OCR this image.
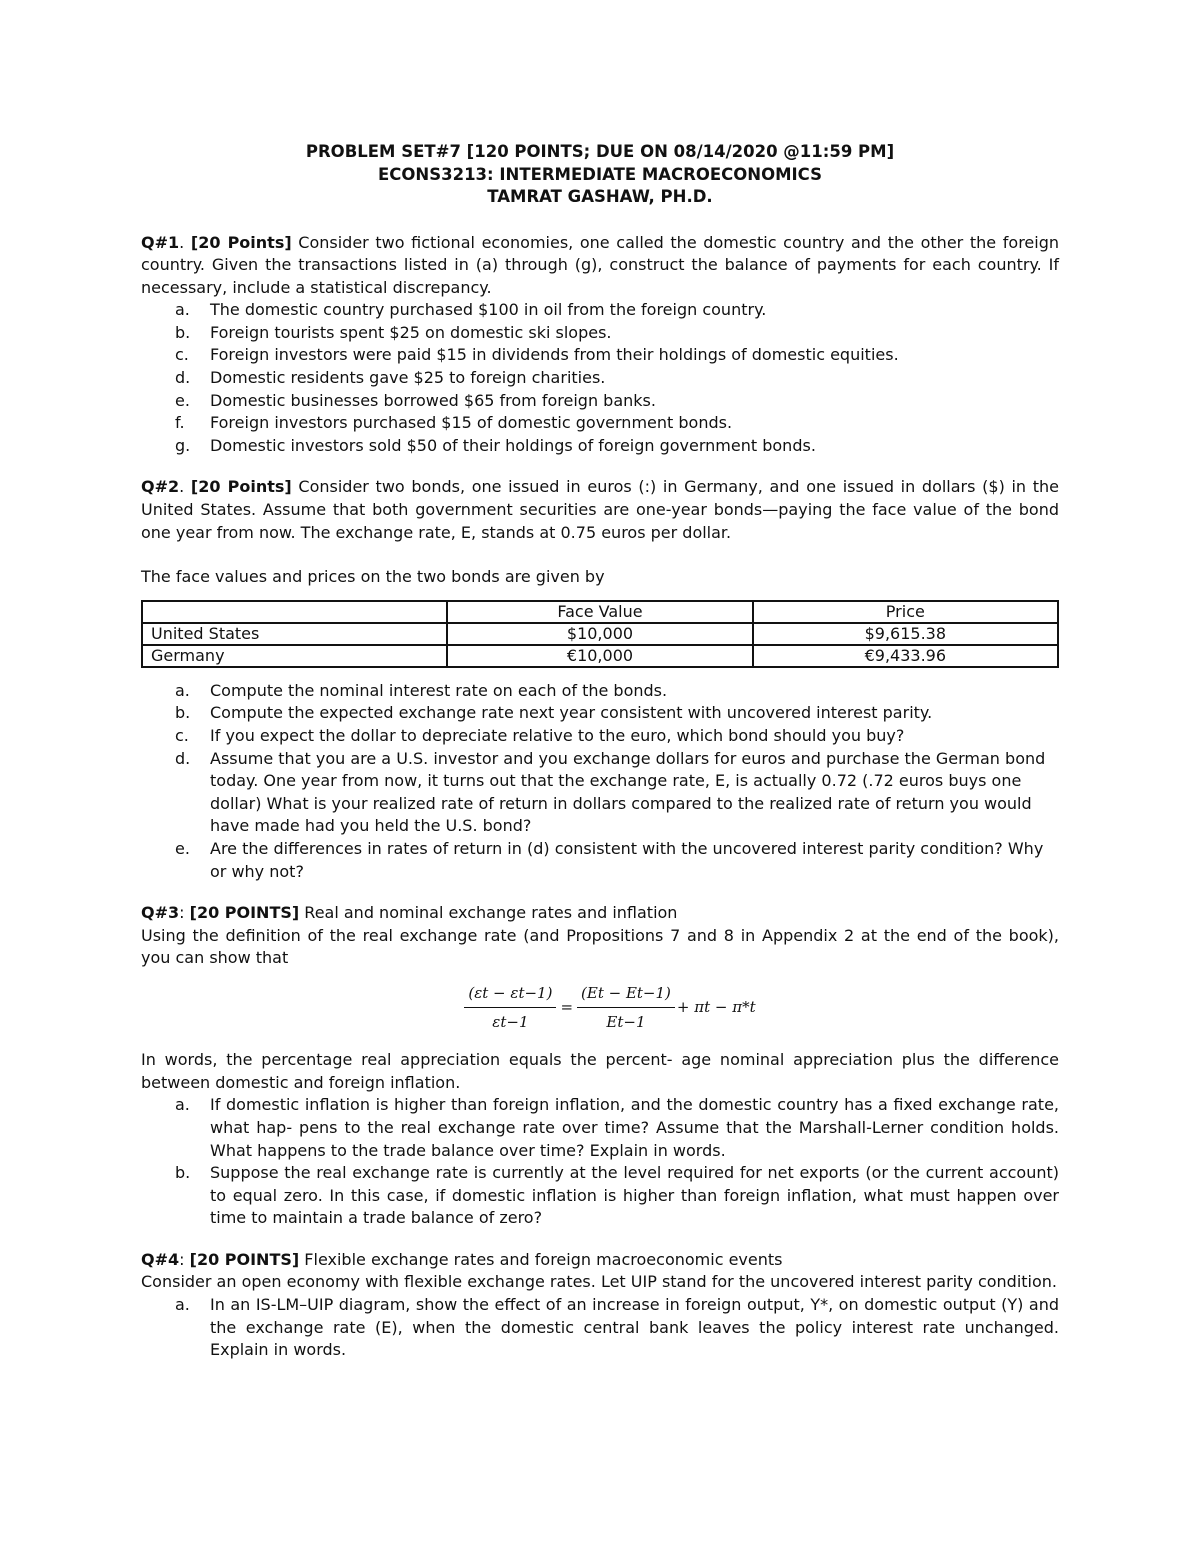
PROBLEM SET#7 [120 POINTS; DUE ON 08/14/2020 @11:59 PM]
ECONS3213: INTERMEDIATE MACROECONOMICS
TAMRAT GASHAW, PH.D.
Q#1. [20 Points] Consider two fictional economies, one called the domestic country and the other the foreign country. Given the transactions listed in (a) through (g), construct the balance of payments for each country. If necessary, include a statistical discrepancy.
a.	The domestic country purchased $100 in oil from the foreign country.
b.	Foreign tourists spent $25 on domestic ski slopes.
c.	Foreign investors were paid $15 in dividends from their holdings of domestic equities.
d.	Domestic residents gave $25 to foreign charities.
e.	Domestic businesses borrowed $65 from foreign banks.
f.	Foreign investors purchased $15 of domestic government bonds.
g.	Domestic investors sold $50 of their holdings of foreign government bonds.
Q#2. [20 Points] Consider two bonds, one issued in euros (:) in Germany, and one issued in dollars ($) in the United States. Assume that both government securities are one-year bonds—paying the face value of the bond one year from now. The exchange rate, E, stands at 0.75 euros per dollar.
The face values and prices on the two bonds are given by
	Face Value	Price
United States	$10,000	$9,615.38
Germany	€10,000	€9,433.96
a.	Compute the nominal interest rate on each of the bonds.
b.	Compute the expected exchange rate next year consistent with uncovered interest parity.
c.	If you expect the dollar to depreciate relative to the euro, which bond should you buy?
d.	Assume that you are a U.S. investor and you exchange dollars for euros and purchase the German bond today. One year from now, it turns out that the exchange rate, E, is actually 0.72 (.72 euros buys one dollar) What is your realized rate of return in dollars compared to the realized rate of return you would have made had you held the U.S. bond?
e.	Are the differences in rates of return in (d) consistent with the uncovered interest parity condition? Why or why not?
Q#3: [20 POINTS] Real and nominal exchange rates and inflation
Using the definition of the real exchange rate (and Propositions 7 and 8 in Appendix 2 at the end of the book), you can show that
$\frac{(\varepsilon t - \varepsilon t-1)}{\varepsilon t-1} = \frac{(Et - Et-1)}{Et-1} + \pi t - \pi*t$
In words, the percentage real appreciation equals the percent- age nominal appreciation plus the difference between domestic and foreign inflation.
a.	If domestic inflation is higher than foreign inflation, and the domestic country has a fixed exchange rate, what hap- pens to the real exchange rate over time? Assume that the Marshall-Lerner condition holds. What happens to the trade balance over time? Explain in words.
b.	Suppose the real exchange rate is currently at the level required for net exports (or the current account) to equal zero. In this case, if domestic inflation is higher than foreign inflation, what must happen over time to maintain a trade balance of zero?
Q#4: [20 POINTS] Flexible exchange rates and foreign macroeconomic events
Consider an open economy with flexible exchange rates. Let UIP stand for the uncovered interest parity condition.
a.	In an IS-LM–UIP diagram, show the effect of an increase in foreign output, Y*, on domestic output (Y) and the exchange rate (E), when the domestic central bank leaves the policy interest rate unchanged. Explain in words.
